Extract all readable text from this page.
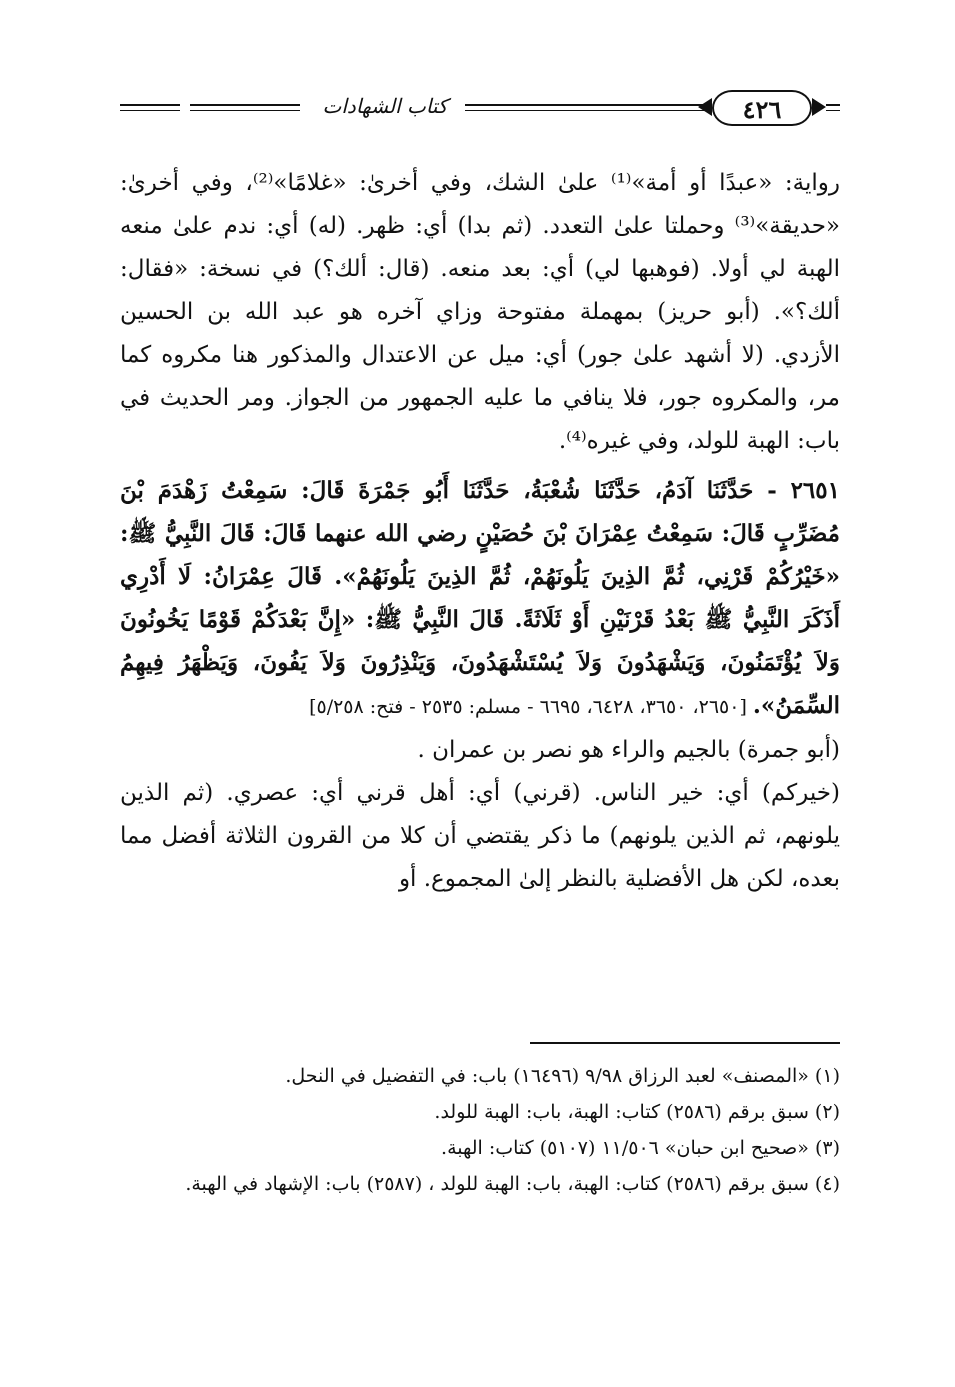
كتاب الشهادات	٤٢٦

رواية: «عبدًا أو أمة»⁽¹⁾ علىٰ الشك، وفي أخرىٰ: «غلامًا»⁽²⁾، وفي أخرىٰ: «حديقة»⁽³⁾ وحملتا علىٰ التعدد. (ثم بدا) أي: ظهر. (له) أي: ندم علىٰ منعه الهبة لي أولا. (فوهبها لي) أي: بعد منعه. (قال: ألك؟) في نسخة: «فقال: ألك؟». (أبو حريز) بمهملة مفتوحة وزاي آخره هو عبد الله بن الحسين الأزدي. (لا أشهد علىٰ جور) أي: ميل عن الاعتدال والمذكور هنا مكروه كما مر، والمكروه جور، فلا ينافي ما عليه الجمهور من الجواز. ومر الحديث في باب: الهبة للولد، وفي غيره⁽⁴⁾.

٢٦٥١ - حَدَّثَنَا آدَمُ، حَدَّثَنَا شُعْبَةُ، حَدَّثَنَا أَبُو جَمْرَةَ قَالَ: سَمِعْتُ زَهْدَمَ بْنَ مُضَرِّبٍ قَالَ: سَمِعْتُ عِمْرَانَ بْنَ حُصَيْنٍ رضي الله عنهما قَالَ: قَالَ النَّبِيُّ ﷺ: «خَيْرُكُمْ قَرْنِي، ثُمَّ الذِينَ يَلُونَهُمْ، ثُمَّ الذِينَ يَلُونَهُمْ». قَالَ عِمْرَانُ: لَا أَدْرِي أَذَكَرَ النَّبِيُّ ﷺ بَعْدُ قَرْنَيْنِ أَوْ ثَلَاثَةً. قَالَ النَّبِيُّ ﷺ: «إِنَّ بَعْدَكُمْ قَوْمًا يَخُونُونَ وَلاَ يُؤْتَمَنُونَ، وَيَشْهَدُونَ وَلاَ يُسْتَشْهَدُونَ، وَيَنْذِرُونَ وَلاَ يَفُونَ، وَيَظْهَرُ فِيهِمُ السِّمَنُ». [٢٦٥٠، ٣٦٥٠، ٦٤٢٨، ٦٦٩٥ - مسلم: ٢٥٣٥ - فتح: ٥/٢٥٨]

(أبو جمرة) بالجيم والراء هو نصر بن عمران .

(خيركم) أي: خير الناس. (قرني) أي: أهل قرني أي: عصري. (ثم الذين يلونهم، ثم الذين يلونهم) ما ذكر يقتضي أن كلا من القرون الثلاثة أفضل مما بعده، لكن هل الأفضلية بالنظر إلىٰ المجموع. أو

(١) «المصنف» لعبد الرزاق ٩/٩٨ (١٦٤٩٦) باب: في التفضيل في النحل.

(٢) سبق برقم (٢٥٨٦) كتاب: الهبة، باب: الهبة للولد.

(٣) «صحيح ابن حبان» ١١/٥٠٦ (٥١٠٧) كتاب: الهبة.

(٤) سبق برقم (٢٥٨٦) كتاب: الهبة، باب: الهبة للولد ، (٢٥٨٧) باب: الإشهاد في الهبة.
